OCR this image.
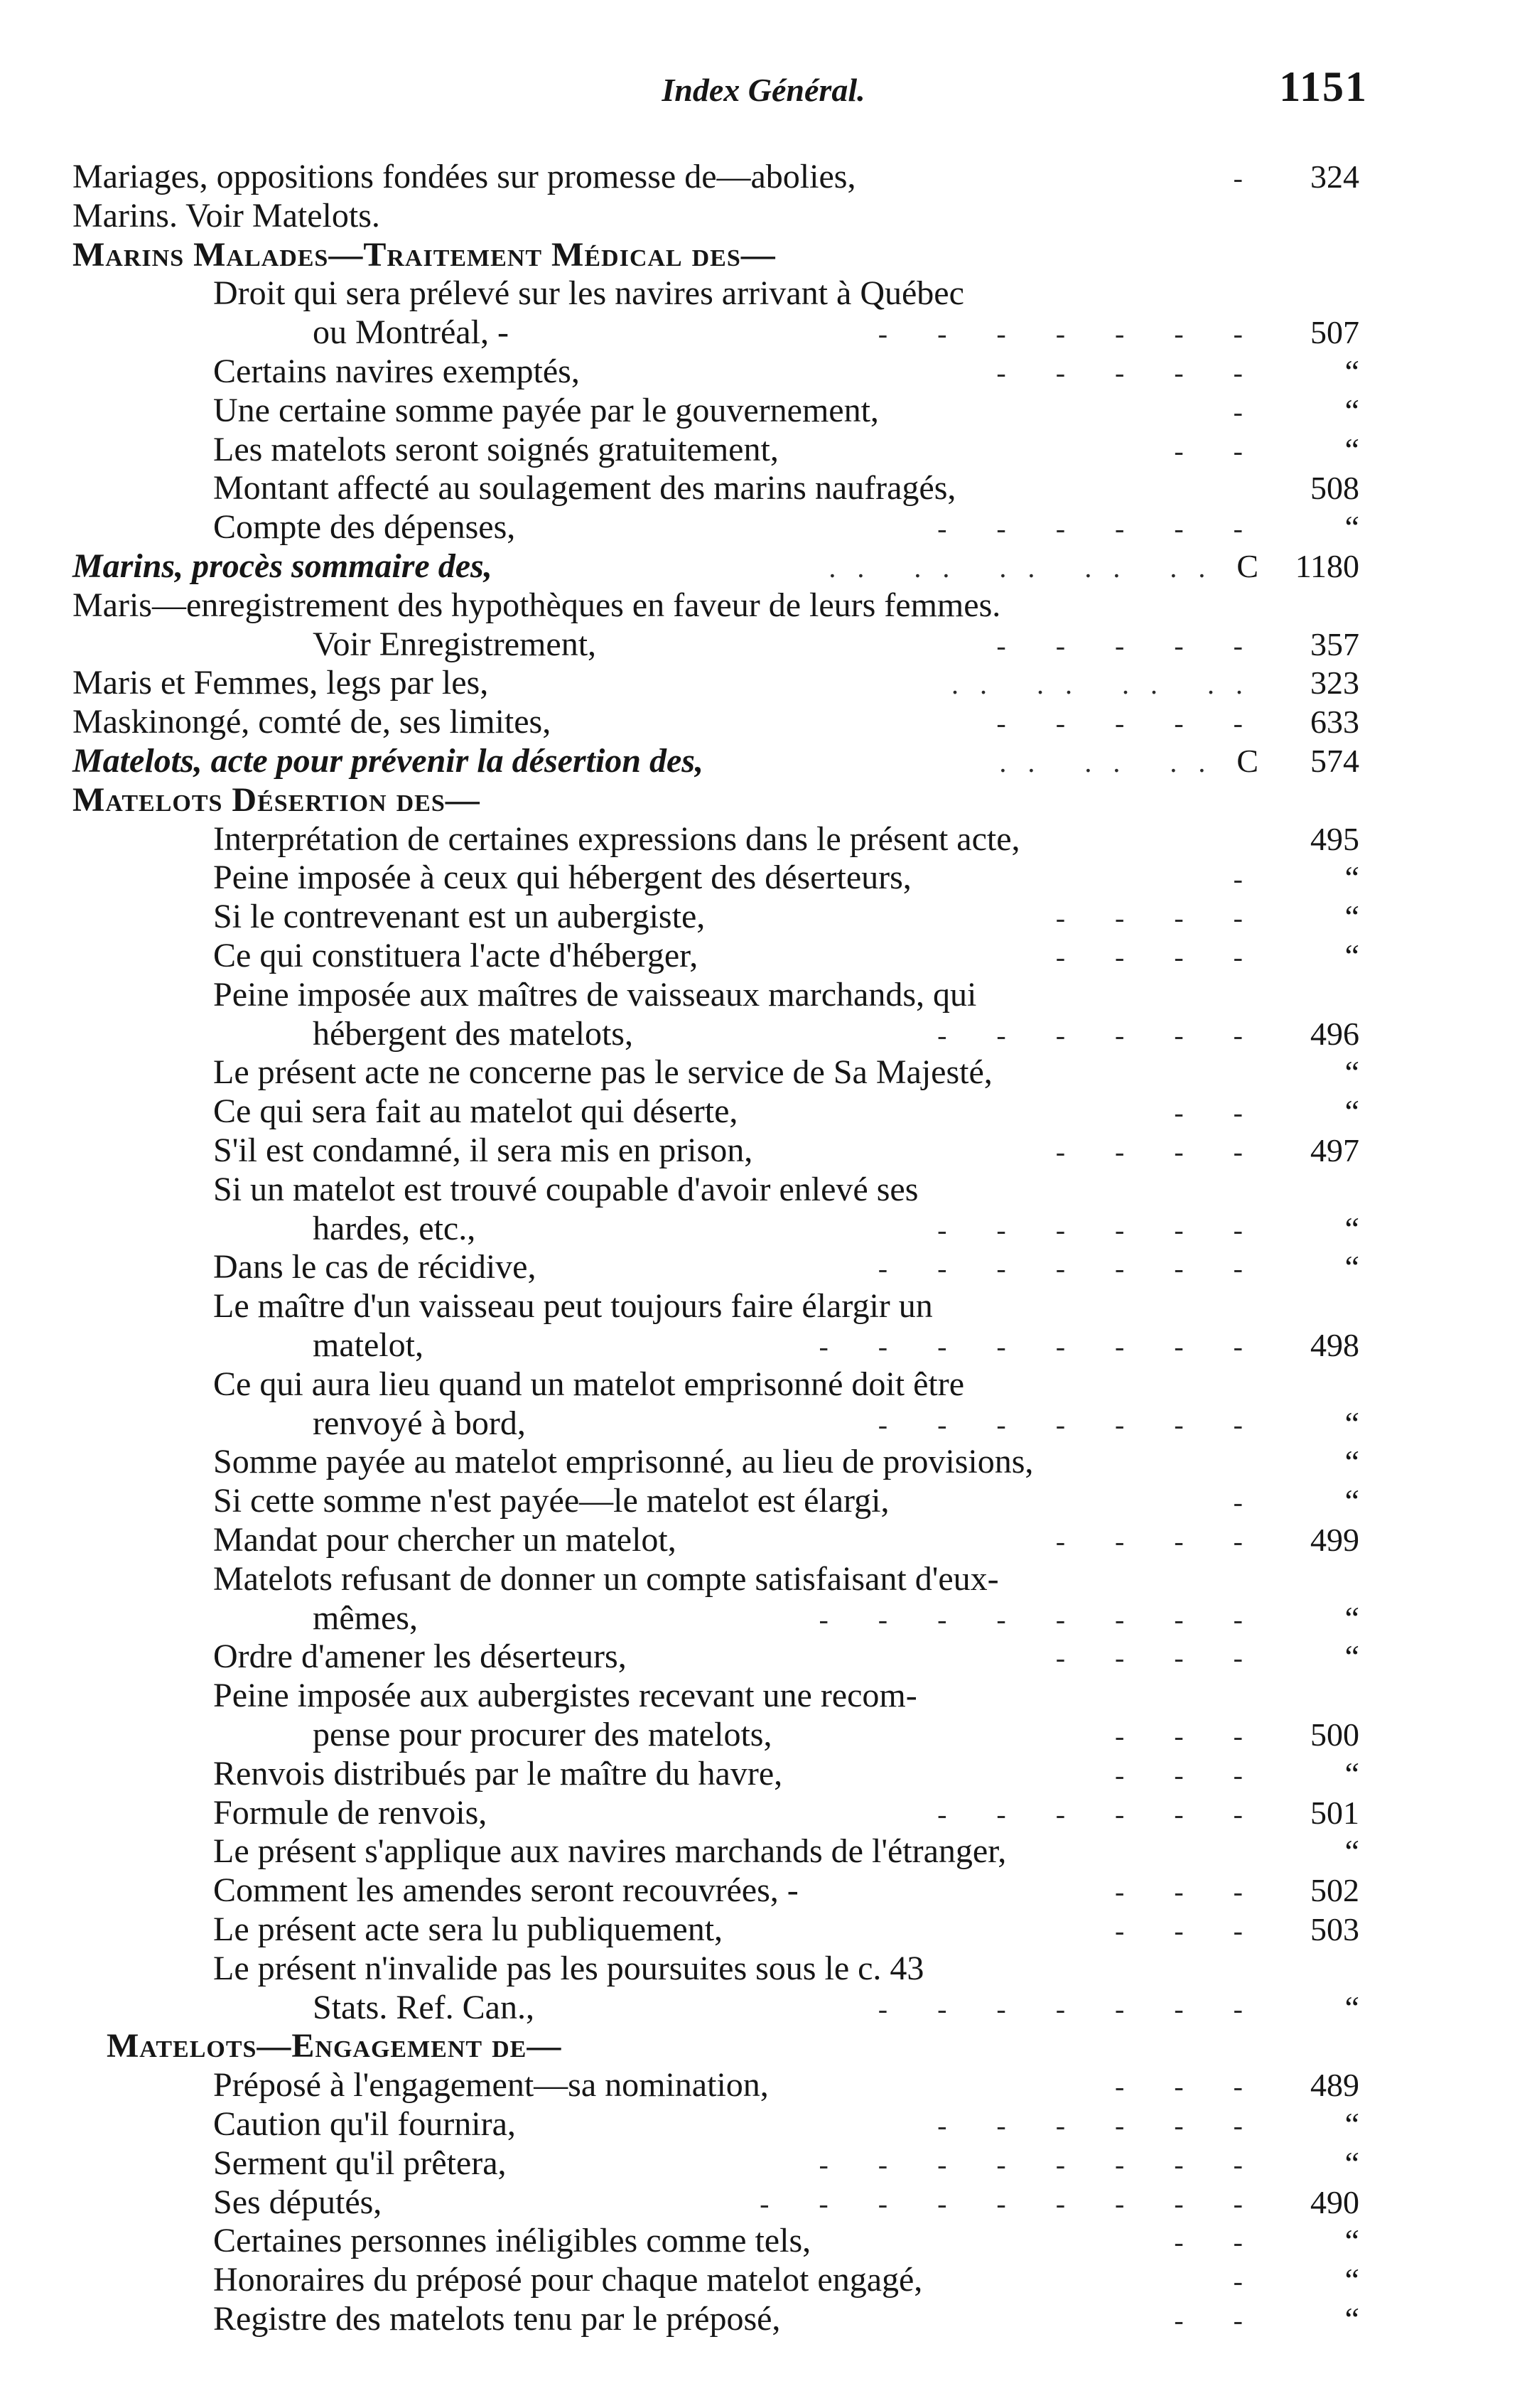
Index Général.	1151
Mariages, oppositions fondées sur promesse de—abolies,	-	324
Marins. Voir Matelots.
Marins Malades—Traitement Médical des—
Droit qui sera prélevé sur les navires arrivant à Québec
ou Montréal, -	- - - - - - -	507
Certains navires exemptés,	- - - - -	“
Une certaine somme payée par le gouvernement,	-	“
Les matelots seront soignés gratuitement,	- -	“
Montant affecté au soulagement des marins naufragés,	508
Compte des dépenses,	- - - - - -	“
Marins, procès sommaire des,	.. .. .. .. .. C	1180
Maris—enregistrement des hypothèques en faveur de leurs femmes.
Voir Enregistrement,	- - - - -	357
Maris et Femmes, legs par les,	.. .. .. ..	323
Maskinongé, comté de, ses limites,	- - - - -	633
Matelots, acte pour prévenir la désertion des,	.. .. .. C	574
Matelots Désertion des—
Interprétation de certaines expressions dans le présent acte,	495
Peine imposée à ceux qui hébergent des déserteurs,	-	“
Si le contrevenant est un aubergiste,	- - - -	“
Ce qui constituera l'acte d'héberger,	- - - -	“
Peine imposée aux maîtres de vaisseaux marchands, qui
hébergent des matelots,	- - - - - -	496
Le présent acte ne concerne pas le service de Sa Majesté,	“
Ce qui sera fait au matelot qui déserte,	- -	“
S'il est condamné, il sera mis en prison,	- - - -	497
Si un matelot est trouvé coupable d'avoir enlevé ses
hardes, etc.,	- - - - - -	“
Dans le cas de récidive,	- - - - - - -	“
Le maître d'un vaisseau peut toujours faire élargir un
matelot,	- - - - - - - -	498
Ce qui aura lieu quand un matelot emprisonné doit être
renvoyé à bord,	- - - - - - -	“
Somme payée au matelot emprisonné, au lieu de provisions,	“
Si cette somme n'est payée—le matelot est élargi,	-	“
Mandat pour chercher un matelot,	- - - -	499
Matelots refusant de donner un compte satisfaisant d'eux-
mêmes,	- - - - - - - -	“
Ordre d'amener les déserteurs,	- - - -	“
Peine imposée aux aubergistes recevant une recom-
pense pour procurer des matelots,	- - -	500
Renvois distribués par le maître du havre,	- - -	“
Formule de renvois,	- - - - - -	501
Le présent s'applique aux navires marchands de l'étranger,	“
Comment les amendes seront recouvrées, -	- - -	502
Le présent acte sera lu publiquement,	- - -	503
Le présent n'invalide pas les poursuites sous le c. 43
Stats. Ref. Can.,	- - - - - - -	“
Matelots—Engagement de—
Préposé à l'engagement—sa nomination,	- - -	489
Caution qu'il fournira,	- - - - - -	“
Serment qu'il prêtera,	- - - - - - - -	“
Ses députés,	- - - - - - - - -	490
Certaines personnes inéligibles comme tels,	- -	“
Honoraires du préposé pour chaque matelot engagé,	-	“
Registre des matelots tenu par le préposé,	- -	“
